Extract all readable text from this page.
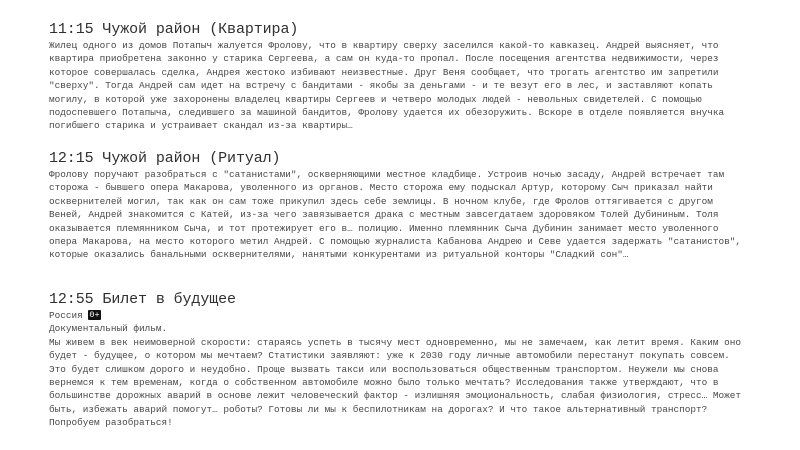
11:15 Чужой район (Квартира)

Жилец одного из домов Потапыч жалуется Фролову, что в квартиру сверху заселился какой-то кавказец. Андрей выясняет, что квартира приобретена законно у старика Сергеева, а сам он куда-то пропал. После посещения агентства недвижимости, через которое совершалась сделка, Андрея жестоко избивают неизвестные. Друг Веня сообщает, что трогать агентство им запретили "сверху". Тогда Андрей сам идет на встречу с бандитами - якобы за деньгами - и те везут его в лес, и заставляют копать могилу, в которой уже захоронены владелец квартиры Сергеев и четверо молодых людей - невольных свидетелей. С помощью подоспевшего Потапыча, следившего за машиной бандитов, Фролову удается их обезоружить. Вскоре в отделе появляется внучка погибшего старика и устраивает скандал из-за квартиры…

12:15 Чужой район (Ритуал)

Фролову поручают разобраться с "сатанистами", оскверняющими местное кладбище. Устроив ночью засаду, Андрей встречает там сторожа - бывшего опера Макарова, уволенного из органов. Место сторожа ему подыскал Артур, которому Сыч приказал найти осквернителей могил, так как он сам тоже прикупил здесь себе землицы. В ночном клубе, где Фролов оттягивается с другом Веней, Андрей знакомится с Катей, из-за чего завязывается драка с местным завсегдатаем здоровяком Толей Дубининым. Толя оказывается племянником Сыча, и тот протежирует его в… полицию. Именно племянник Сыча Дубинин занимает место уволенного опера Макарова, на место которого метил Андрей. С помощью журналиста Кабанова Андрею и Севе удается задержать "сатанистов", которые оказались банальными осквернителями, нанятыми конкурентами из ритуальной конторы "Сладкий сон"…

12:55 Билет в будущее
Россия 0+
Документальный фильм.

Мы живем в век неимоверной скорости: стараясь успеть в тысячу мест одновременно, мы не замечаем, как летит время. Каким оно будет - будущее, о котором мы мечтаем? Статистики заявляют: уже к 2030 году личные автомобили перестанут покупать совсем. Это будет слишком дорого и неудобно. Проще вызвать такси или воспользоваться общественным транспортом. Неужели мы снова вернемся к тем временам, когда о собственном автомобиле можно было только мечтать? Исследования также утверждают, что в большинстве дорожных аварий в основе лежит человеческий фактор - излишняя эмоциональность, слабая физиология, стресс… Может быть, избежать аварий помогут… роботы? Готовы ли мы к беспилотникам на дорогах? И что такое альтернативный транспорт? Попробуем разобраться!
